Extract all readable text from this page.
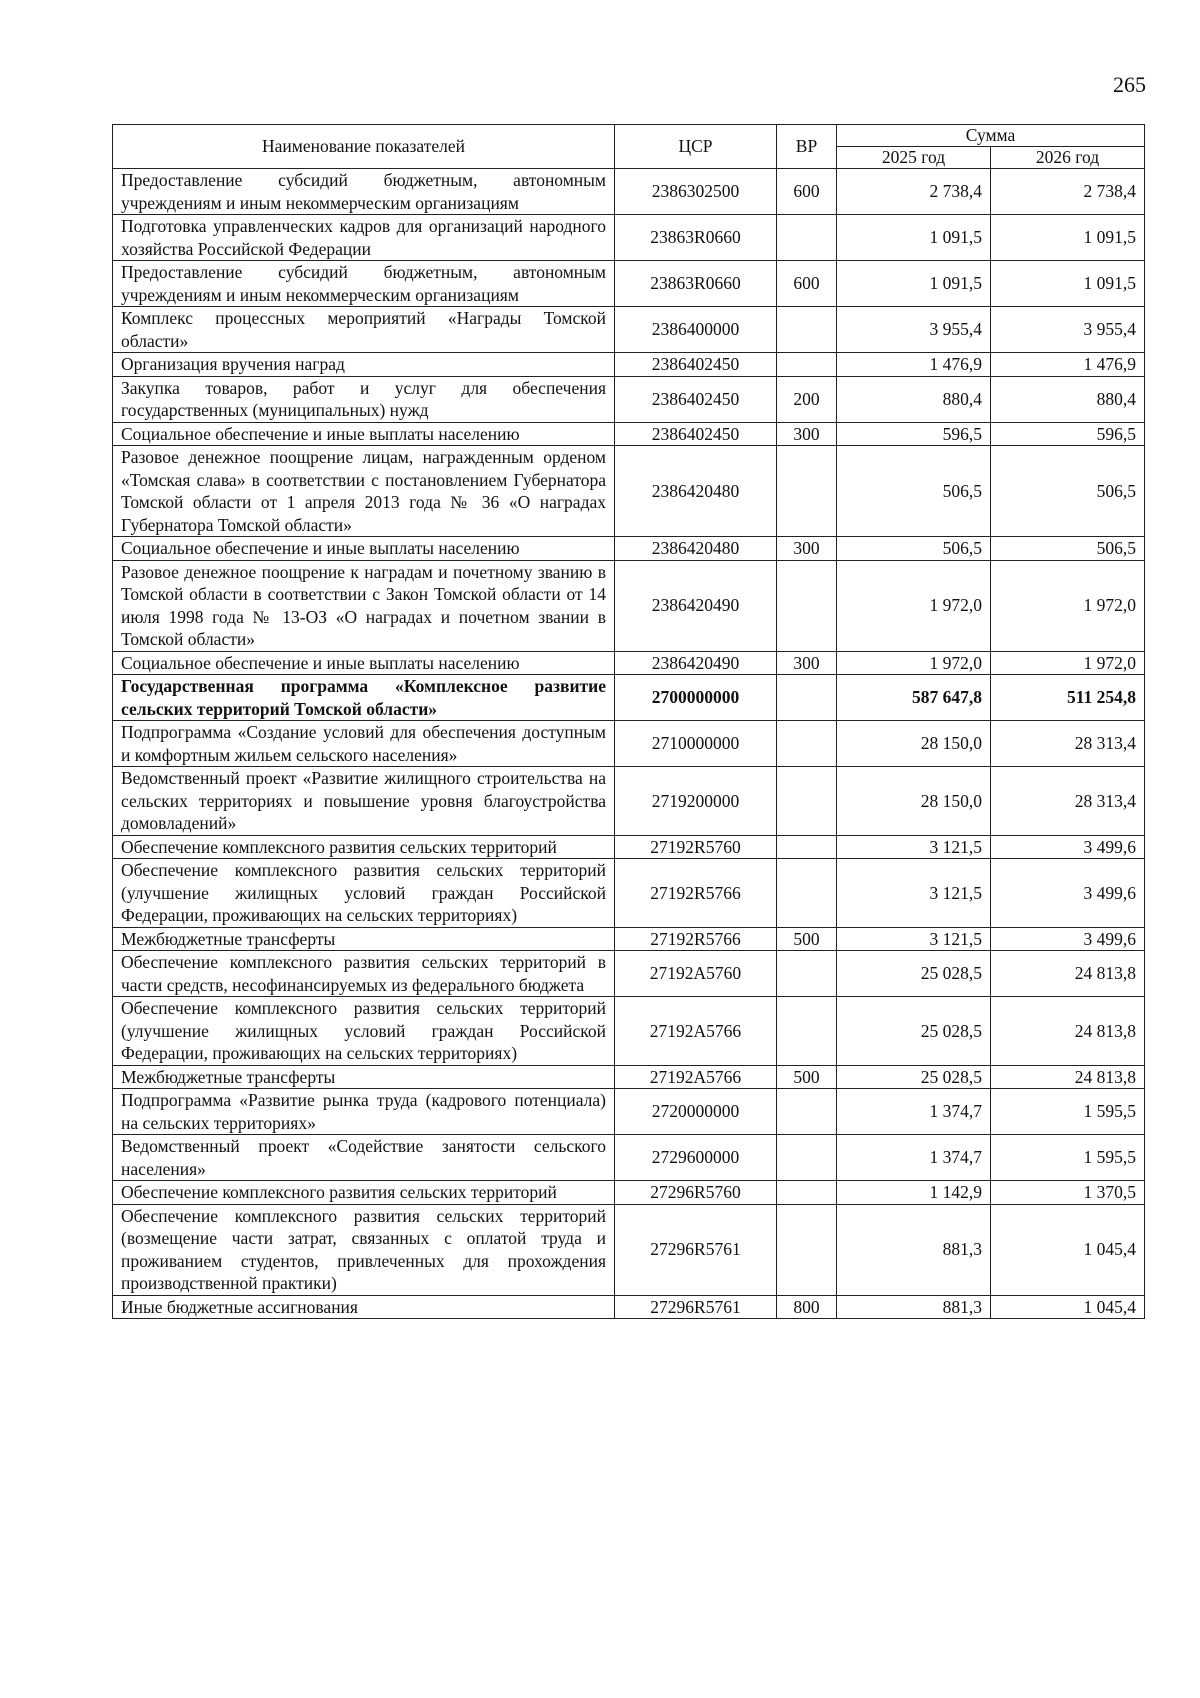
265
Наименование показателей	ЦСР	ВР	Сумма	
			2025 год	2026 год
Предоставление субсидий бюджетным, автономным учреждениям и иным некоммерческим организациям	2386302500	600	2 738,4	2 738,4
Подготовка управленческих кадров для организаций народного хозяйства Российской Федерации	23863R0660		1 091,5	1 091,5
Предоставление субсидий бюджетным, автономным учреждениям и иным некоммерческим организациям	23863R0660	600	1 091,5	1 091,5
Комплекс процессных мероприятий «Награды Томской области»	2386400000		3 955,4	3 955,4
Организация вручения наград	2386402450		1 476,9	1 476,9
Закупка товаров, работ и услуг для обеспечения государственных (муниципальных) нужд	2386402450	200	880,4	880,4
Социальное обеспечение и иные выплаты населению	2386402450	300	596,5	596,5
Разовое денежное поощрение лицам, награжденным орденом «Томская слава» в соответствии с постановлением Губернатора Томской области от 1 апреля 2013 года № 36 «О наградах Губернатора Томской области»	2386420480		506,5	506,5
Социальное обеспечение и иные выплаты населению	2386420480	300	506,5	506,5
Разовое денежное поощрение к наградам и почетному званию в Томской области в соответствии с Закон Томской области от 14 июля 1998 года № 13-ОЗ «О наградах и почетном звании в Томской области»	2386420490		1 972,0	1 972,0
Социальное обеспечение и иные выплаты населению	2386420490	300	1 972,0	1 972,0
Государственная программа «Комплексное развитие сельских территорий Томской области»	2700000000		587 647,8	511 254,8
Подпрограмма «Создание условий для обеспечения доступным и комфортным жильем сельского населения»	2710000000		28 150,0	28 313,4
Ведомственный проект «Развитие жилищного строительства на сельских территориях и повышение уровня благоустройства домовладений»	2719200000		28 150,0	28 313,4
Обеспечение комплексного развития сельских территорий	27192R5760		3 121,5	3 499,6
Обеспечение комплексного развития сельских территорий (улучшение жилищных условий граждан Российской Федерации, проживающих на сельских территориях)	27192R5766		3 121,5	3 499,6
Межбюджетные трансферты	27192R5766	500	3 121,5	3 499,6
Обеспечение комплексного развития сельских территорий в части средств, несофинансируемых из федерального бюджета	27192A5760		25 028,5	24 813,8
Обеспечение комплексного развития сельских территорий (улучшение жилищных условий граждан Российской Федерации, проживающих на сельских территориях)	27192A5766		25 028,5	24 813,8
Межбюджетные трансферты	27192A5766	500	25 028,5	24 813,8
Подпрограмма «Развитие рынка труда (кадрового потенциала) на сельских территориях»	2720000000		1 374,7	1 595,5
Ведомственный проект «Содействие занятости сельского населения»	2729600000		1 374,7	1 595,5
Обеспечение комплексного развития сельских территорий	27296R5760		1 142,9	1 370,5
Обеспечение комплексного развития сельских территорий (возмещение части затрат, связанных с оплатой труда и проживанием студентов, привлеченных для прохождения производственной практики)	27296R5761		881,3	1 045,4
Иные бюджетные ассигнования	27296R5761	800	881,3	1 045,4
